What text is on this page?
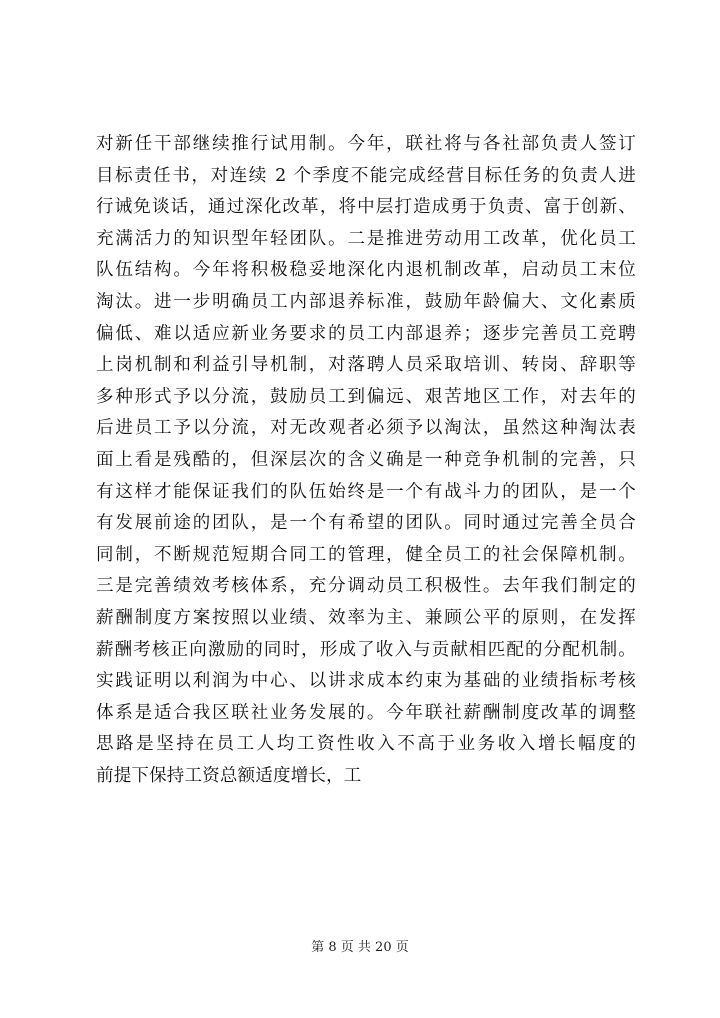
对新任干部继续推行试用制。今年，联社将与各社部负责人签订
目标责任书，对连续 2 个季度不能完成经营目标任务的负责人进
行诫免谈话，通过深化改革，将中层打造成勇于负责、富于创新、
充满活力的知识型年轻团队。二是推进劳动用工改革，优化员工
队伍结构。今年将积极稳妥地深化内退机制改革，启动员工末位
淘汰。进一步明确员工内部退养标准，鼓励年龄偏大、文化素质
偏低、难以适应新业务要求的员工内部退养；逐步完善员工竞聘
上岗机制和利益引导机制，对落聘人员采取培训、转岗、辞职等
多种形式予以分流，鼓励员工到偏远、艰苦地区工作，对去年的
后进员工予以分流，对无改观者必须予以淘汰，虽然这种淘汰表
面上看是残酷的，但深层次的含义确是一种竞争机制的完善，只
有这样才能保证我们的队伍始终是一个有战斗力的团队，是一个
有发展前途的团队，是一个有希望的团队。同时通过完善全员合
同制，不断规范短期合同工的管理，健全员工的社会保障机制。
三是完善绩效考核体系，充分调动员工积极性。去年我们制定的
薪酬制度方案按照以业绩、效率为主、兼顾公平的原则，在发挥
薪酬考核正向激励的同时，形成了收入与贡献相匹配的分配机制。
实践证明以利润为中心、以讲求成本约束为基础的业绩指标考核
体系是适合我区联社业务发展的。今年联社薪酬制度改革的调整
思路是坚持在员工人均工资性收入不高于业务收入增长幅度的
前提下保持工资总额适度增长，工
第 8 页 共 20 页
